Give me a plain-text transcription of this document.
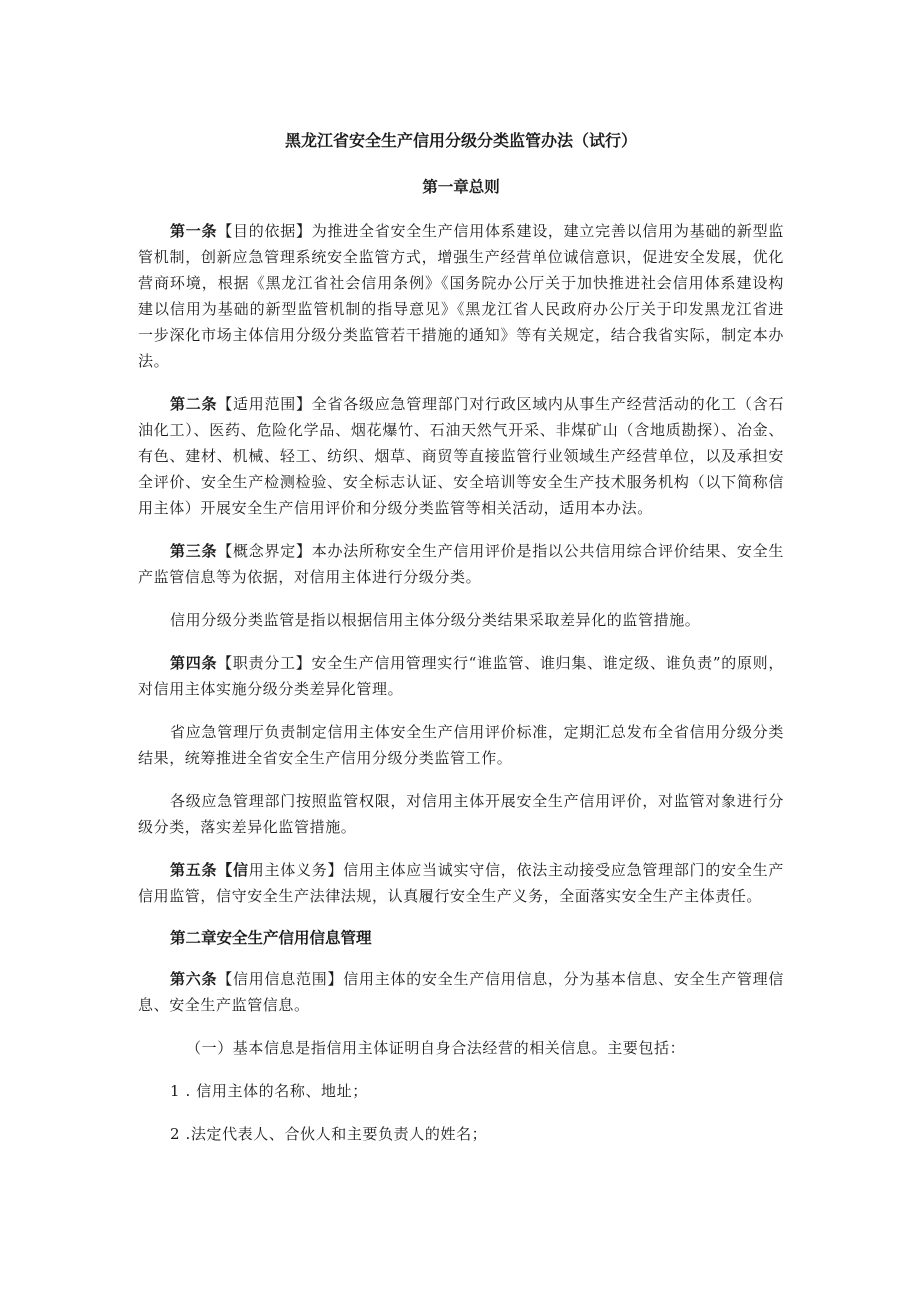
黑龙江省安全生产信用分级分类监管办法（试行）
第一章总则

第一条【目的依据】为推进全省安全生产信用体系建设，建立完善以信用为基础的新型监管机制，创新应急管理系统安全监管方式，增强生产经营单位诚信意识，促进安全发展，优化营商环境，根据《黑龙江省社会信用条例》《国务院办公厅关于加快推进社会信用体系建设构建以信用为基础的新型监管机制的指导意见》《黑龙江省人民政府办公厅关于印发黑龙江省进一步深化市场主体信用分级分类监管若干措施的通知》等有关规定，结合我省实际，制定本办法。

第二条【适用范围】全省各级应急管理部门对行政区域内从事生产经营活动的化工（含石油化工）、医药、危险化学品、烟花爆竹、石油天然气开采、非煤矿山（含地质勘探）、冶金、有色、建材、机械、轻工、纺织、烟草、商贸等直接监管行业领域生产经营单位，以及承担安全评价、安全生产检测检验、安全标志认证、安全培训等安全生产技术服务机构（以下简称信用主体）开展安全生产信用评价和分级分类监管等相关活动，适用本办法。

第三条【概念界定】本办法所称安全生产信用评价是指以公共信用综合评价结果、安全生产监管信息等为依据，对信用主体进行分级分类。

信用分级分类监管是指以根据信用主体分级分类结果采取差异化的监管措施。

第四条【职责分工】安全生产信用管理实行“谁监管、谁归集、谁定级、谁负责”的原则，对信用主体实施分级分类差异化管理。

省应急管理厅负责制定信用主体安全生产信用评价标准，定期汇总发布全省信用分级分类结果，统筹推进全省安全生产信用分级分类监管工作。

各级应急管理部门按照监管权限，对信用主体开展安全生产信用评价，对监管对象进行分级分类，落实差异化监管措施。

第五条【信用主体义务】信用主体应当诚实守信，依法主动接受应急管理部门的安全生产信用监管，信守安全生产法律法规，认真履行安全生产义务，全面落实安全生产主体责任。

第二章安全生产信用信息管理

第六条【信用信息范围】信用主体的安全生产信用信息，分为基本信息、安全生产管理信息、安全生产监管信息。

（一）基本信息是指信用主体证明自身合法经营的相关信息。主要包括：

1 . 信用主体的名称、地址；

2 .法定代表人、合伙人和主要负责人的姓名；
